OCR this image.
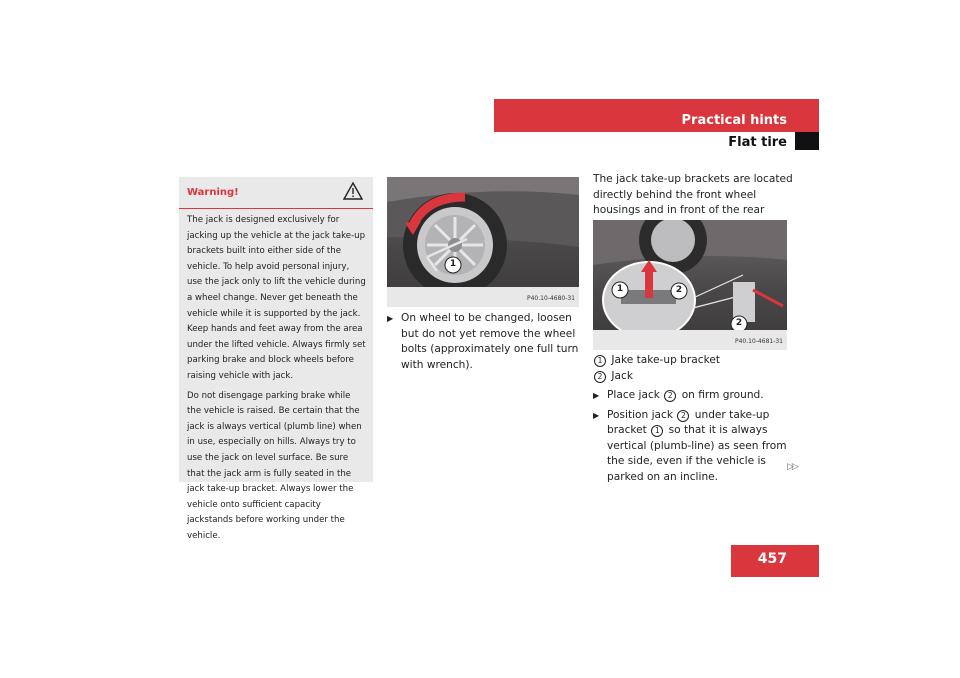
Practical hints
Flat tire
Warning!

The jack is designed exclusively for jacking up the vehicle at the jack take-up brackets built into either side of the vehicle. To help avoid personal injury, use the jack only to lift the vehicle during a wheel change. Never get beneath the vehicle while it is supported by the jack. Keep hands and feet away from the area under the lifted vehicle. Always firmly set parking brake and block wheels before raising vehicle with jack.

Do not disengage parking brake while the vehicle is raised. Be certain that the jack is always vertical (plumb line) when in use, especially on hills. Always try to use the jack on level surface. Be sure that the jack arm is fully seated in the jack take-up bracket. Always lower the vehicle onto sufficient capacity jackstands before working under the vehicle.

1
P40.10-4680-31
▶ On wheel to be changed, loosen but do not yet remove the wheel bolts (approximately one full turn with wrench).
The jack take-up brackets are located directly behind the front wheel housings and in front of the rear
1	2
2
P40.10-4681-31
1 Jake take-up bracket
2 Jack
▶ Place jack 2 on firm ground.
▶ Position jack 2 under take-up bracket 1 so that it is always vertical (plumb-line) as seen from the side, even if the vehicle is parked on an incline.
▷▷
457
